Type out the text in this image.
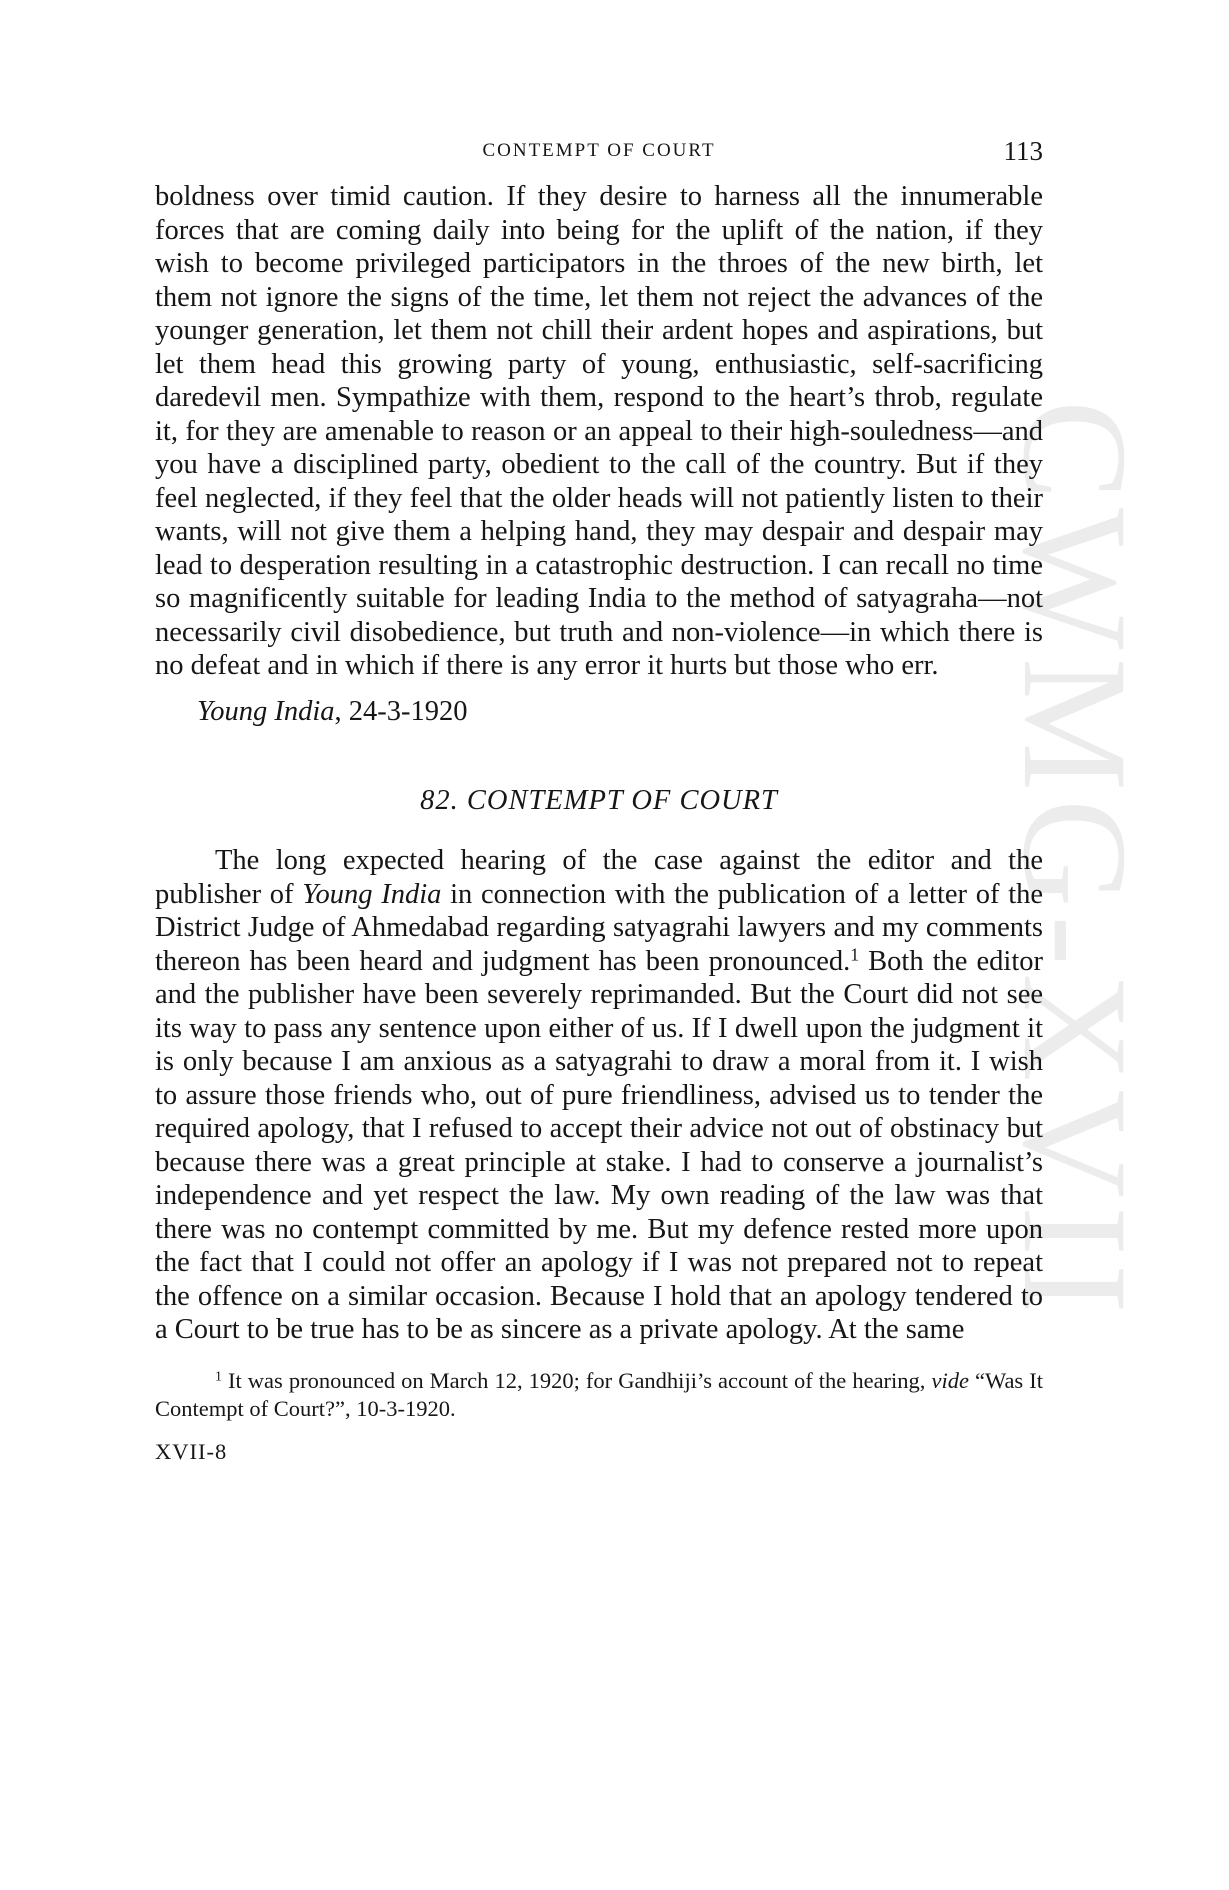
CWMG-XVII
CONTEMPT OF COURT	113

boldness over timid caution. If they desire to harness all the innumerable forces that are coming daily into being for the uplift of the nation, if they wish to become privileged participators in the throes of the new birth, let them not ignore the signs of the time, let them not reject the advances of the younger generation, let them not chill their ardent hopes and aspirations, but let them head this growing party of young, enthusiastic, self-sacrificing daredevil men. Sympathize with them, respond to the heart’s throb, regulate it, for they are amenable to reason or an appeal to their high-souledness—and you have a disciplined party, obedient to the call of the country. But if they feel neglected, if they feel that the older heads will not patiently listen to their wants, will not give them a helping hand, they may despair and despair may lead to desperation resulting in a catastrophic destruction. I can recall no time so magnificently suitable for leading India to the method of satyagraha—not necessarily civil disobedience, but truth and non-violence—in which there is no defeat and in which if there is any error it hurts but those who err.

Young India, 24-3-1920

82. CONTEMPT OF COURT

The long expected hearing of the case against the editor and the publisher of Young India in connection with the publication of a letter of the District Judge of Ahmedabad regarding satyagrahi lawyers and my comments thereon has been heard and judgment has been pronounced.$^1$ Both the editor and the publisher have been severely reprimanded. But the Court did not see its way to pass any sentence upon either of us. If I dwell upon the judgment it is only because I am anxious as a satyagrahi to draw a moral from it. I wish to assure those friends who, out of pure friendliness, advised us to tender the required apology, that I refused to accept their advice not out of obstinacy but because there was a great principle at stake. I had to conserve a journalist’s independence and yet respect the law. My own reading of the law was that there was no contempt committed by me. But my defence rested more upon the fact that I could not offer an apology if I was not prepared not to repeat the offence on a similar occasion. Because I hold that an apology tendered to a Court to be true has to be as sincere as a private apology. At the same

$^1$ It was pronounced on March 12, 1920; for Gandhiji’s account of the hearing, vide “Was It Contempt of Court?”, 10-3-1920.

XVII-8
